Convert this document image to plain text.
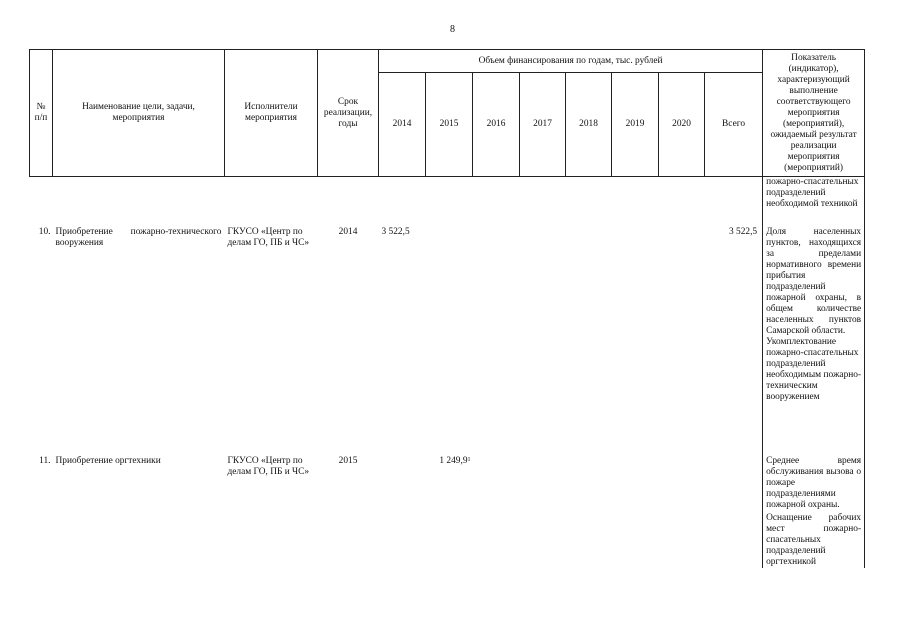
8
№ п/п	Наименование цели, задачи, мероприятия	Исполнители мероприятия	Срок реализации, годы	Объем финансирования по годам, тыс. рублей								Показатель (индикатор), характеризующий выполнение соответствующего мероприятия (мероприятий), ожидаемый результат реализации мероприятия (мероприятий)
				2014	2015	2016	2017	2018	2019	2020	Всего	
												пожарно-спасательных подразделений необходимой техникой
10.	Приобретение пожарно-технического вооружения	ГКУСО «Центр по делам ГО, ПБ и ЧС»	2014	3 522,5							3 522,5	Доля населенных пунктов, находящихся за пределами нормативного времени прибытия подразделений пожарной охраны, в общем количестве населенных пунктов Самарской области.
Укомплектование пожарно-спасательных подразделений необходимым пожарно-техническим вооружением

11.	Приобретение оргтехники	ГКУСО «Центр по делам ГО, ПБ и ЧС»	2015		1 249,9$^1$							Среднее время обслуживания вызова о пожаре подразделениями пожарной охраны.
Оснащение рабочих мест пожарно-спасательных подразделений оргтехникой
